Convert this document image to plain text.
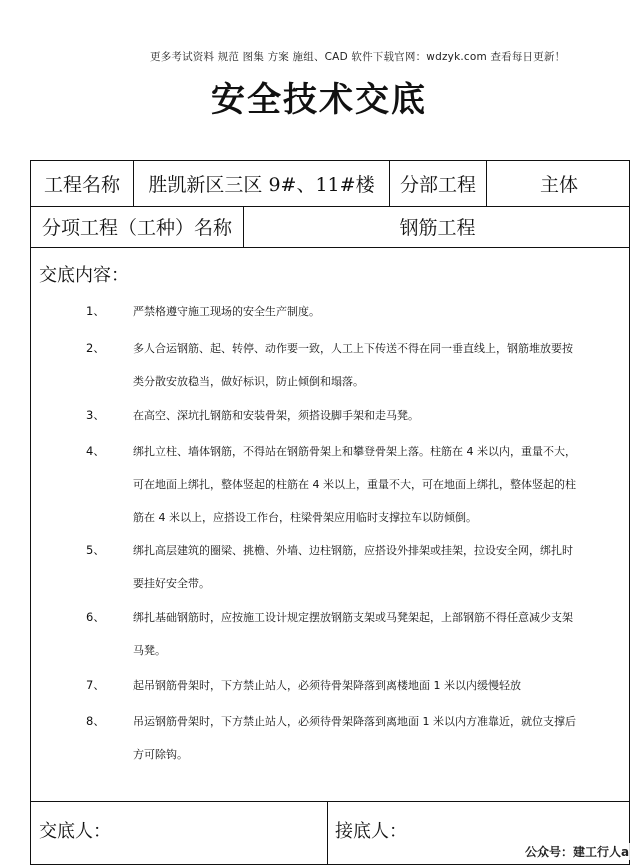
更多考试资料 规范 图集 方案 施组、CAD 软件下载官网：wdzyk.com 查看每日更新！
安全技术交底
工程名称	胜凯新区三区 9#、11#楼	分部工程	主体
分项工程（工种）名称	钢筋工程
交底内容：
1、	严禁格遵守施工现场的安全生产制度。
2、	多人合运钢筋、起、转停、动作要一致，人工上下传送不得在同一垂直线上，钢筋堆放要按
类分散安放稳当，做好标识，防止倾倒和塌落。
3、	在高空、深坑扎钢筋和安装骨架，须搭设脚手架和走马凳。
4、	绑扎立柱、墙体钢筋，不得站在钢筋骨架上和攀登骨架上落。柱筋在 4 米以内，重量不大，
可在地面上绑扎，整体竖起的柱筋在 4 米以上，重量不大，可在地面上绑扎，整体竖起的柱
筋在 4 米以上，应搭设工作台，柱梁骨架应用临时支撑拉车以防倾倒。
5、	绑扎高层建筑的圈梁、挑檐、外墙、边柱钢筋，应搭设外排架或挂架，拉设安全网，绑扎时
要挂好安全带。
6、	绑扎基础钢筋时，应按施工设计规定摆放钢筋支架或马凳架起，上部钢筋不得任意减少支架
马凳。
7、	起吊钢筋骨架时，下方禁止站人，必须待骨架降落到离楼地面 1 米以内缓慢轻放
8、	吊运钢筋骨架时，下方禁止站人，必须待骨架降落到离地面 1 米以内方准靠近，就位支撑后
方可除钩。
交底人：	接底人：
公众号：建工行人a
